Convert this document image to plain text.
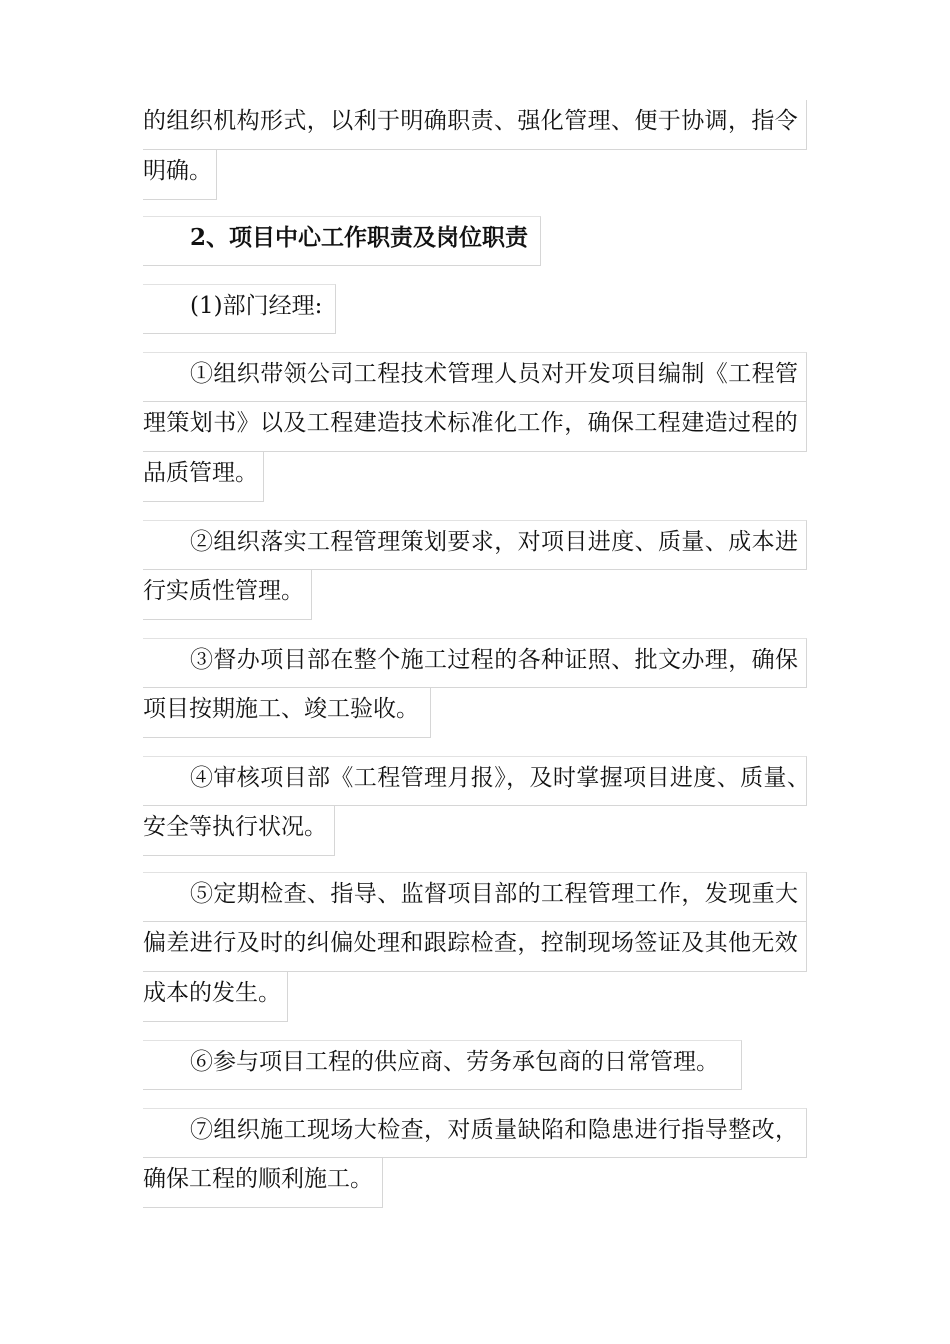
的组织机构形式，以利于明确职责、强化管理、便于协调，指令
明确。
2、项目中心工作职责及岗位职责
(1)部门经理:
①组织带领公司工程技术管理人员对开发项目编制《工程管
理策划书》以及工程建造技术标准化工作，确保工程建造过程的
品质管理。
②组织落实工程管理策划要求，对项目进度、质量、成本进
行实质性管理。
③督办项目部在整个施工过程的各种证照、批文办理，确保
项目按期施工、竣工验收。
④审核项目部《工程管理月报》，及时掌握项目进度、质量、
安全等执行状况。
⑤定期检查、指导、监督项目部的工程管理工作，发现重大
偏差进行及时的纠偏处理和跟踪检查，控制现场签证及其他无效
成本的发生。
⑥参与项目工程的供应商、劳务承包商的日常管理。
⑦组织施工现场大检查，对质量缺陷和隐患进行指导整改，
确保工程的顺利施工。
